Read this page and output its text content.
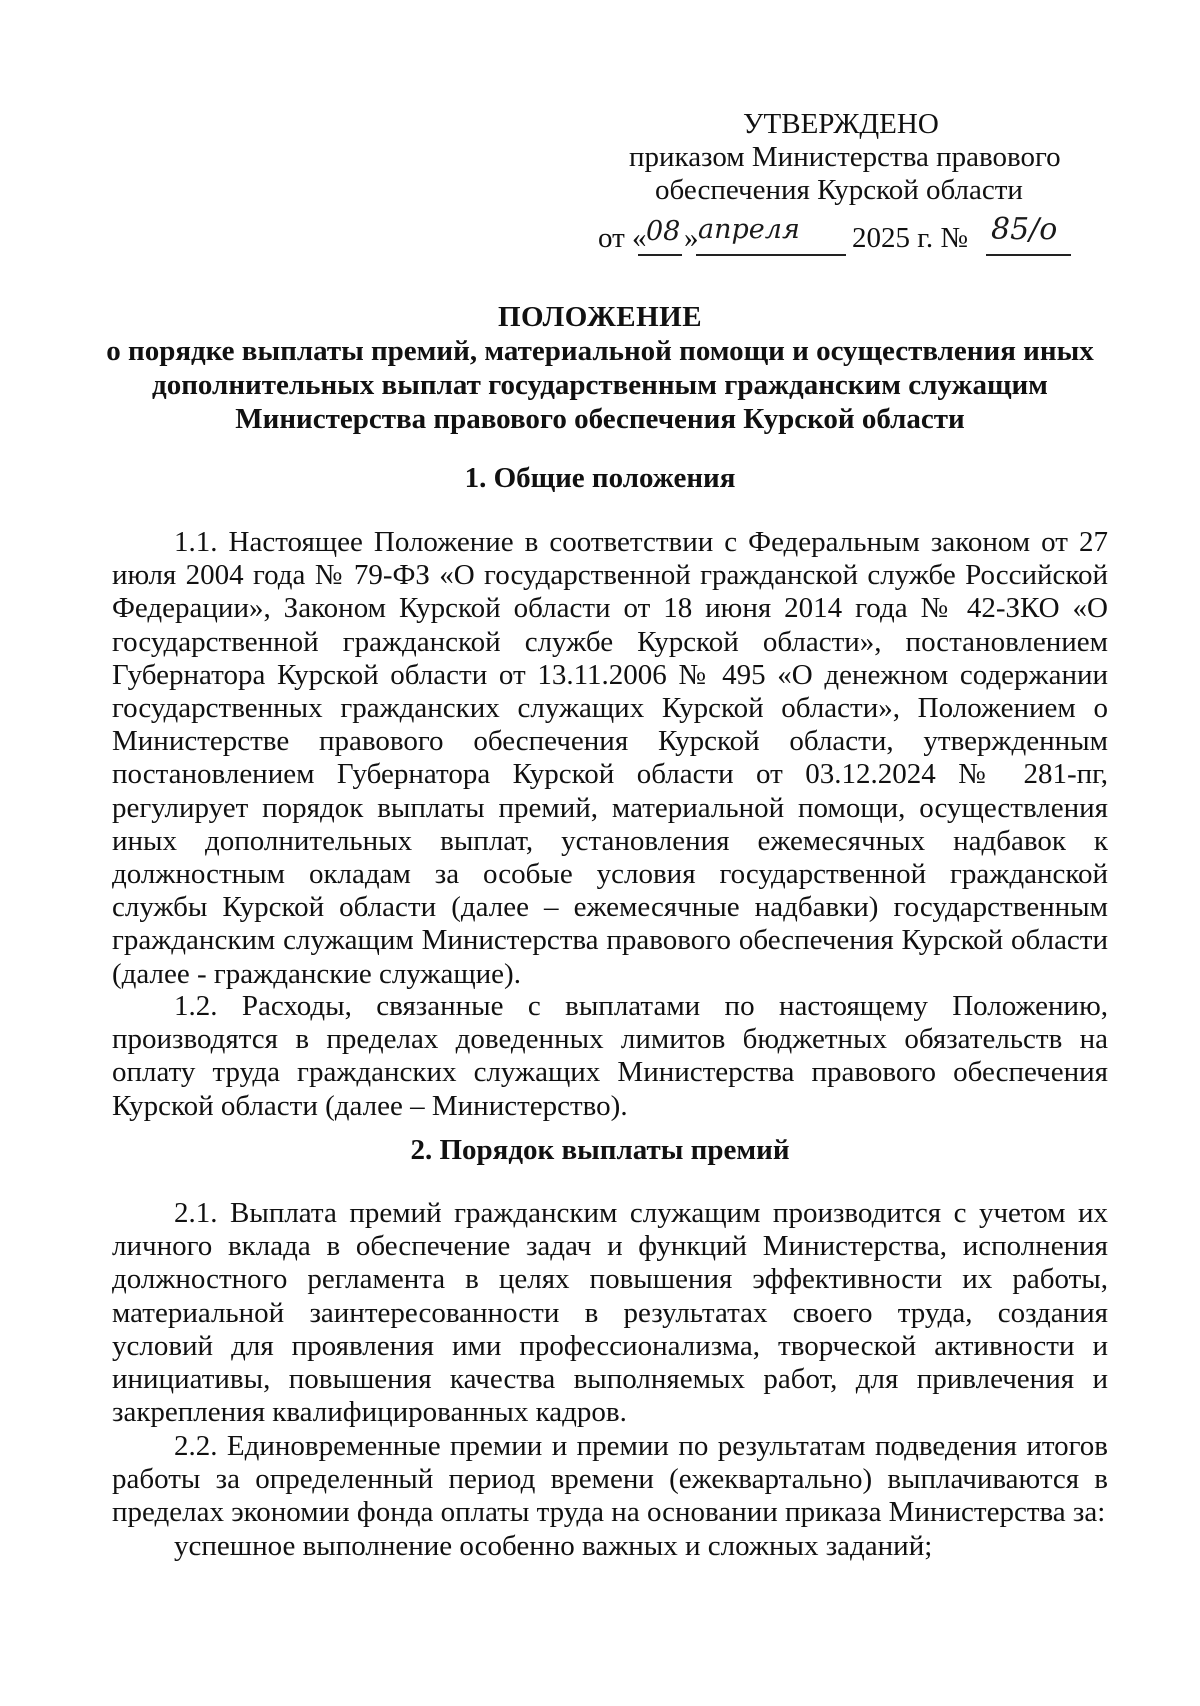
УТВЕРЖДЕНО
приказом Министерства правового
обеспечения Курской области
от « 08 » апреля 2025 г. № 85/о
ПОЛОЖЕНИЕ
о порядке выплаты премий, материальной помощи и осуществления иных
дополнительных выплат государственным гражданским служащим
Министерства правового обеспечения Курской области
1. Общие положения

1.1. Настоящее Положение в соответствии с Федеральным законом от 27 июля 2004 года № 79-ФЗ «О государственной гражданской службе Российской Федерации», Законом Курской области от 18 июня 2014 года № 42-ЗКО «О государственной гражданской службе Курской области», постановлением Губернатора Курской области от 13.11.2006 № 495 «О денежном содержании государственных гражданских служащих Курской области», Положением о Министерстве правового обеспечения Курской области, утвержденным постановлением Губернатора Курской области от 03.12.2024 № 281-пг, регулирует порядок выплаты премий, материальной помощи, осуществления иных дополнительных выплат, установления ежемесячных надбавок к должностным окладам за особые условия государственной гражданской службы Курской области (далее – ежемесячные надбавки) государственным гражданским служащим Министерства правового обеспечения Курской области (далее - гражданские служащие).

1.2. Расходы, связанные с выплатами по настоящему Положению, производятся в пределах доведенных лимитов бюджетных обязательств на оплату труда гражданских служащих Министерства правового обеспечения Курской области (далее – Министерство).

2. Порядок выплаты премий

2.1. Выплата премий гражданским служащим производится с учетом их личного вклада в обеспечение задач и функций Министерства, исполнения должностного регламента в целях повышения эффективности их работы, материальной заинтересованности в результатах своего труда, создания условий для проявления ими профессионализма, творческой активности и инициативы, повышения качества выполняемых работ, для привлечения и закрепления квалифицированных кадров.

2.2. Единовременные премии и премии по результатам подведения итогов работы за определенный период времени (ежеквартально) выплачиваются в пределах экономии фонда оплаты труда на основании приказа Министерства за:

успешное выполнение особенно важных и сложных заданий;
